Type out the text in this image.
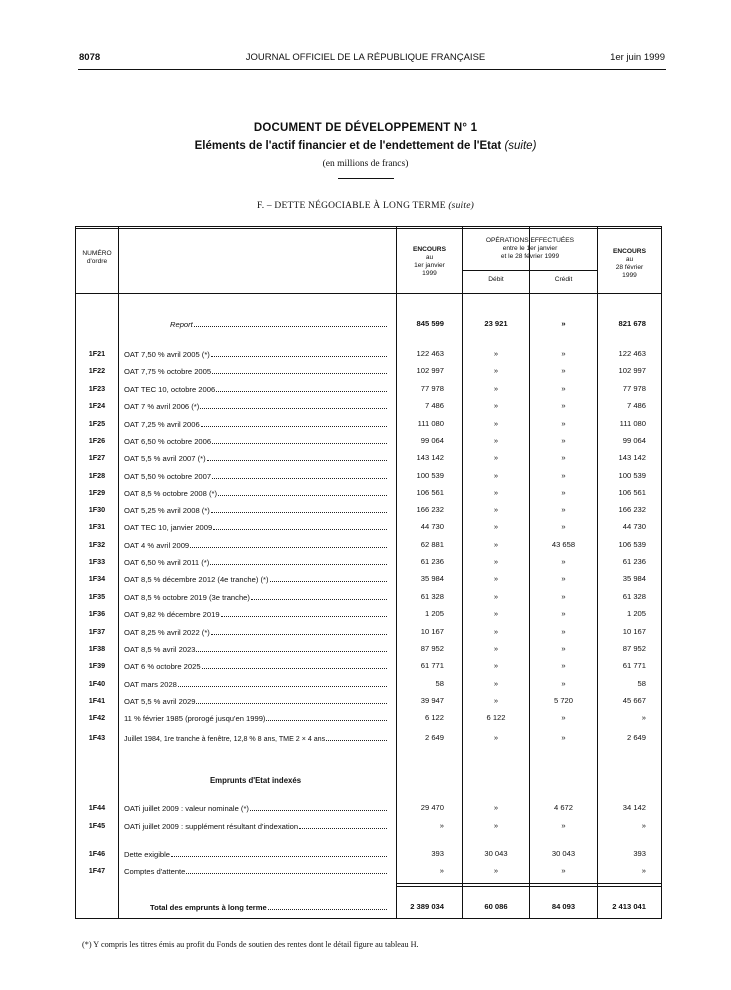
8078	JOURNAL OFFICIEL DE LA RÉPUBLIQUE FRANÇAISE	1er juin 1999
DOCUMENT DE DÉVELOPPEMENT N° 1
Eléments de l'actif financier et de l'endettement de l'Etat (suite)
(en millions de francs)
F. – DETTE NÉGOCIABLE À LONG TERME (suite)
NUMÉRO
d'ordre
ENCOURS
au
1er janvier
1999
OPÉRATIONS EFFECTUÉES
entre le 1er janvier
et le 28 février 1999
Débit	Crédit
ENCOURS
au
28 février
1999
Report	845 599	23 921	»	821 678
1F21	OAT 7,50 % avril 2005 (*)	122 463	»	»	122 463
1F22	OAT 7,75 % octobre 2005	102 997	»	»	102 997
1F23	OAT TEC 10, octobre 2006	77 978	»	»	77 978
1F24	OAT 7 % avril 2006 (*)	7 486	»	»	7 486
1F25	OAT 7,25 % avril 2006	111 080	»	»	111 080
1F26	OAT 6,50 % octobre 2006	99 064	»	»	99 064
1F27	OAT 5,5 % avril 2007 (*)	143 142	»	»	143 142
1F28	OAT 5,50 % octobre 2007	100 539	»	»	100 539
1F29	OAT 8,5 % octobre 2008 (*)	106 561	»	»	106 561
1F30	OAT 5,25 % avril 2008 (*)	166 232	»	»	166 232
1F31	OAT TEC 10, janvier 2009	44 730	»	»	44 730
1F32	OAT 4 % avril 2009	62 881	»	43 658	106 539
1F33	OAT 6,50 % avril 2011 (*)	61 236	»	»	61 236
1F34	OAT 8,5 % décembre 2012 (4e tranche) (*)	35 984	»	»	35 984
1F35	OAT 8,5 % octobre 2019 (3e tranche)	61 328	»	»	61 328
1F36	OAT 9,82 % décembre 2019	1 205	»	»	1 205
1F37	OAT 8,25 % avril 2022 (*)	10 167	»	»	10 167
1F38	OAT 8,5 % avril 2023	87 952	»	»	87 952
1F39	OAT 6 % octobre 2025	61 771	»	»	61 771
1F40	OAT mars 2028	58	»	»	58
1F41	OAT 5,5 % avril 2029	39 947	»	5 720	45 667
1F42	11 % février 1985 (prorogé jusqu'en 1999)	6 122	6 122	»	»
1F43	Juillet 1984, 1re tranche à fenêtre, 12,8 % 8 ans, TME 2 × 4 ans	2 649	»	»	2 649
Emprunts d'Etat indexés
1F44	OATi juillet 2009 : valeur nominale (*)	29 470	»	4 672	34 142
1F45	OATi juillet 2009 : supplément résultant d'indexation	»	»	»	»
1F46	Dette exigible	393	30 043	30 043	393
1F47	Comptes d'attente	»	»	»	»
Total des emprunts à long terme	2 389 034	60 086	84 093	2 413 041
(*) Y compris les titres émis au profit du Fonds de soutien des rentes dont le détail figure au tableau H.
